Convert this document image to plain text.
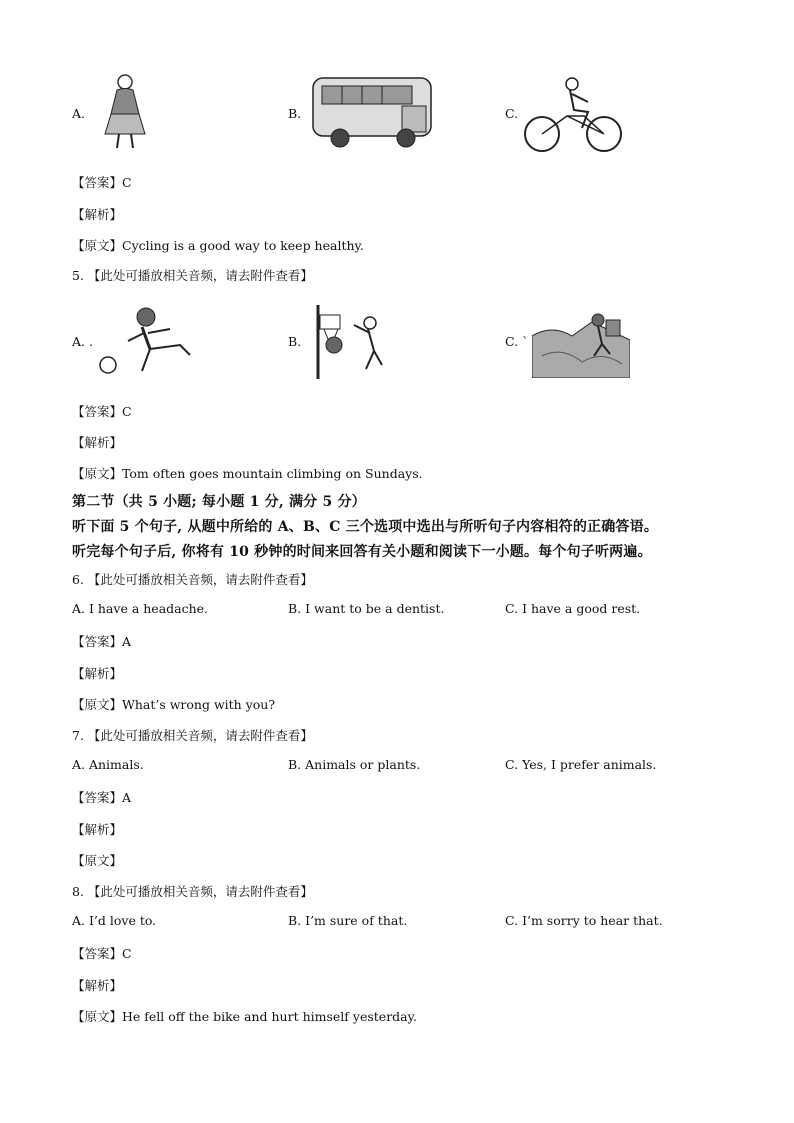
A.	B.	C.
【答案】C
【解析】
【原文】Cycling is a good way to keep healthy.
5. 【此处可播放相关音频，请去附件查看】
A. .	B.	C. `
【答案】C
【解析】
【原文】Tom often goes mountain climbing on Sundays.
第二节（共 5 小题; 每小题 1 分, 满分 5 分）
听下面 5 个句子, 从题中所给的 A、B、C 三个选项中选出与所听句子内容相符的正确答语。
听完每个句子后, 你将有 10 秒钟的时间来回答有关小题和阅读下一小题。每个句子听两遍。
6. 【此处可播放相关音频，请去附件查看】
A. I have a headache.	B. I want to be a dentist.	C. I have a good rest.
【答案】A
【解析】
【原文】What’s wrong with you?
7. 【此处可播放相关音频，请去附件查看】
A. Animals.	B. Animals or plants.	C. Yes, I prefer animals.
【答案】A
【解析】
【原文】
8. 【此处可播放相关音频，请去附件查看】
A. I’d love to.	B. I’m sure of that.	C. I’m sorry to hear that.
【答案】C
【解析】
【原文】He fell off the bike and hurt himself yesterday.
